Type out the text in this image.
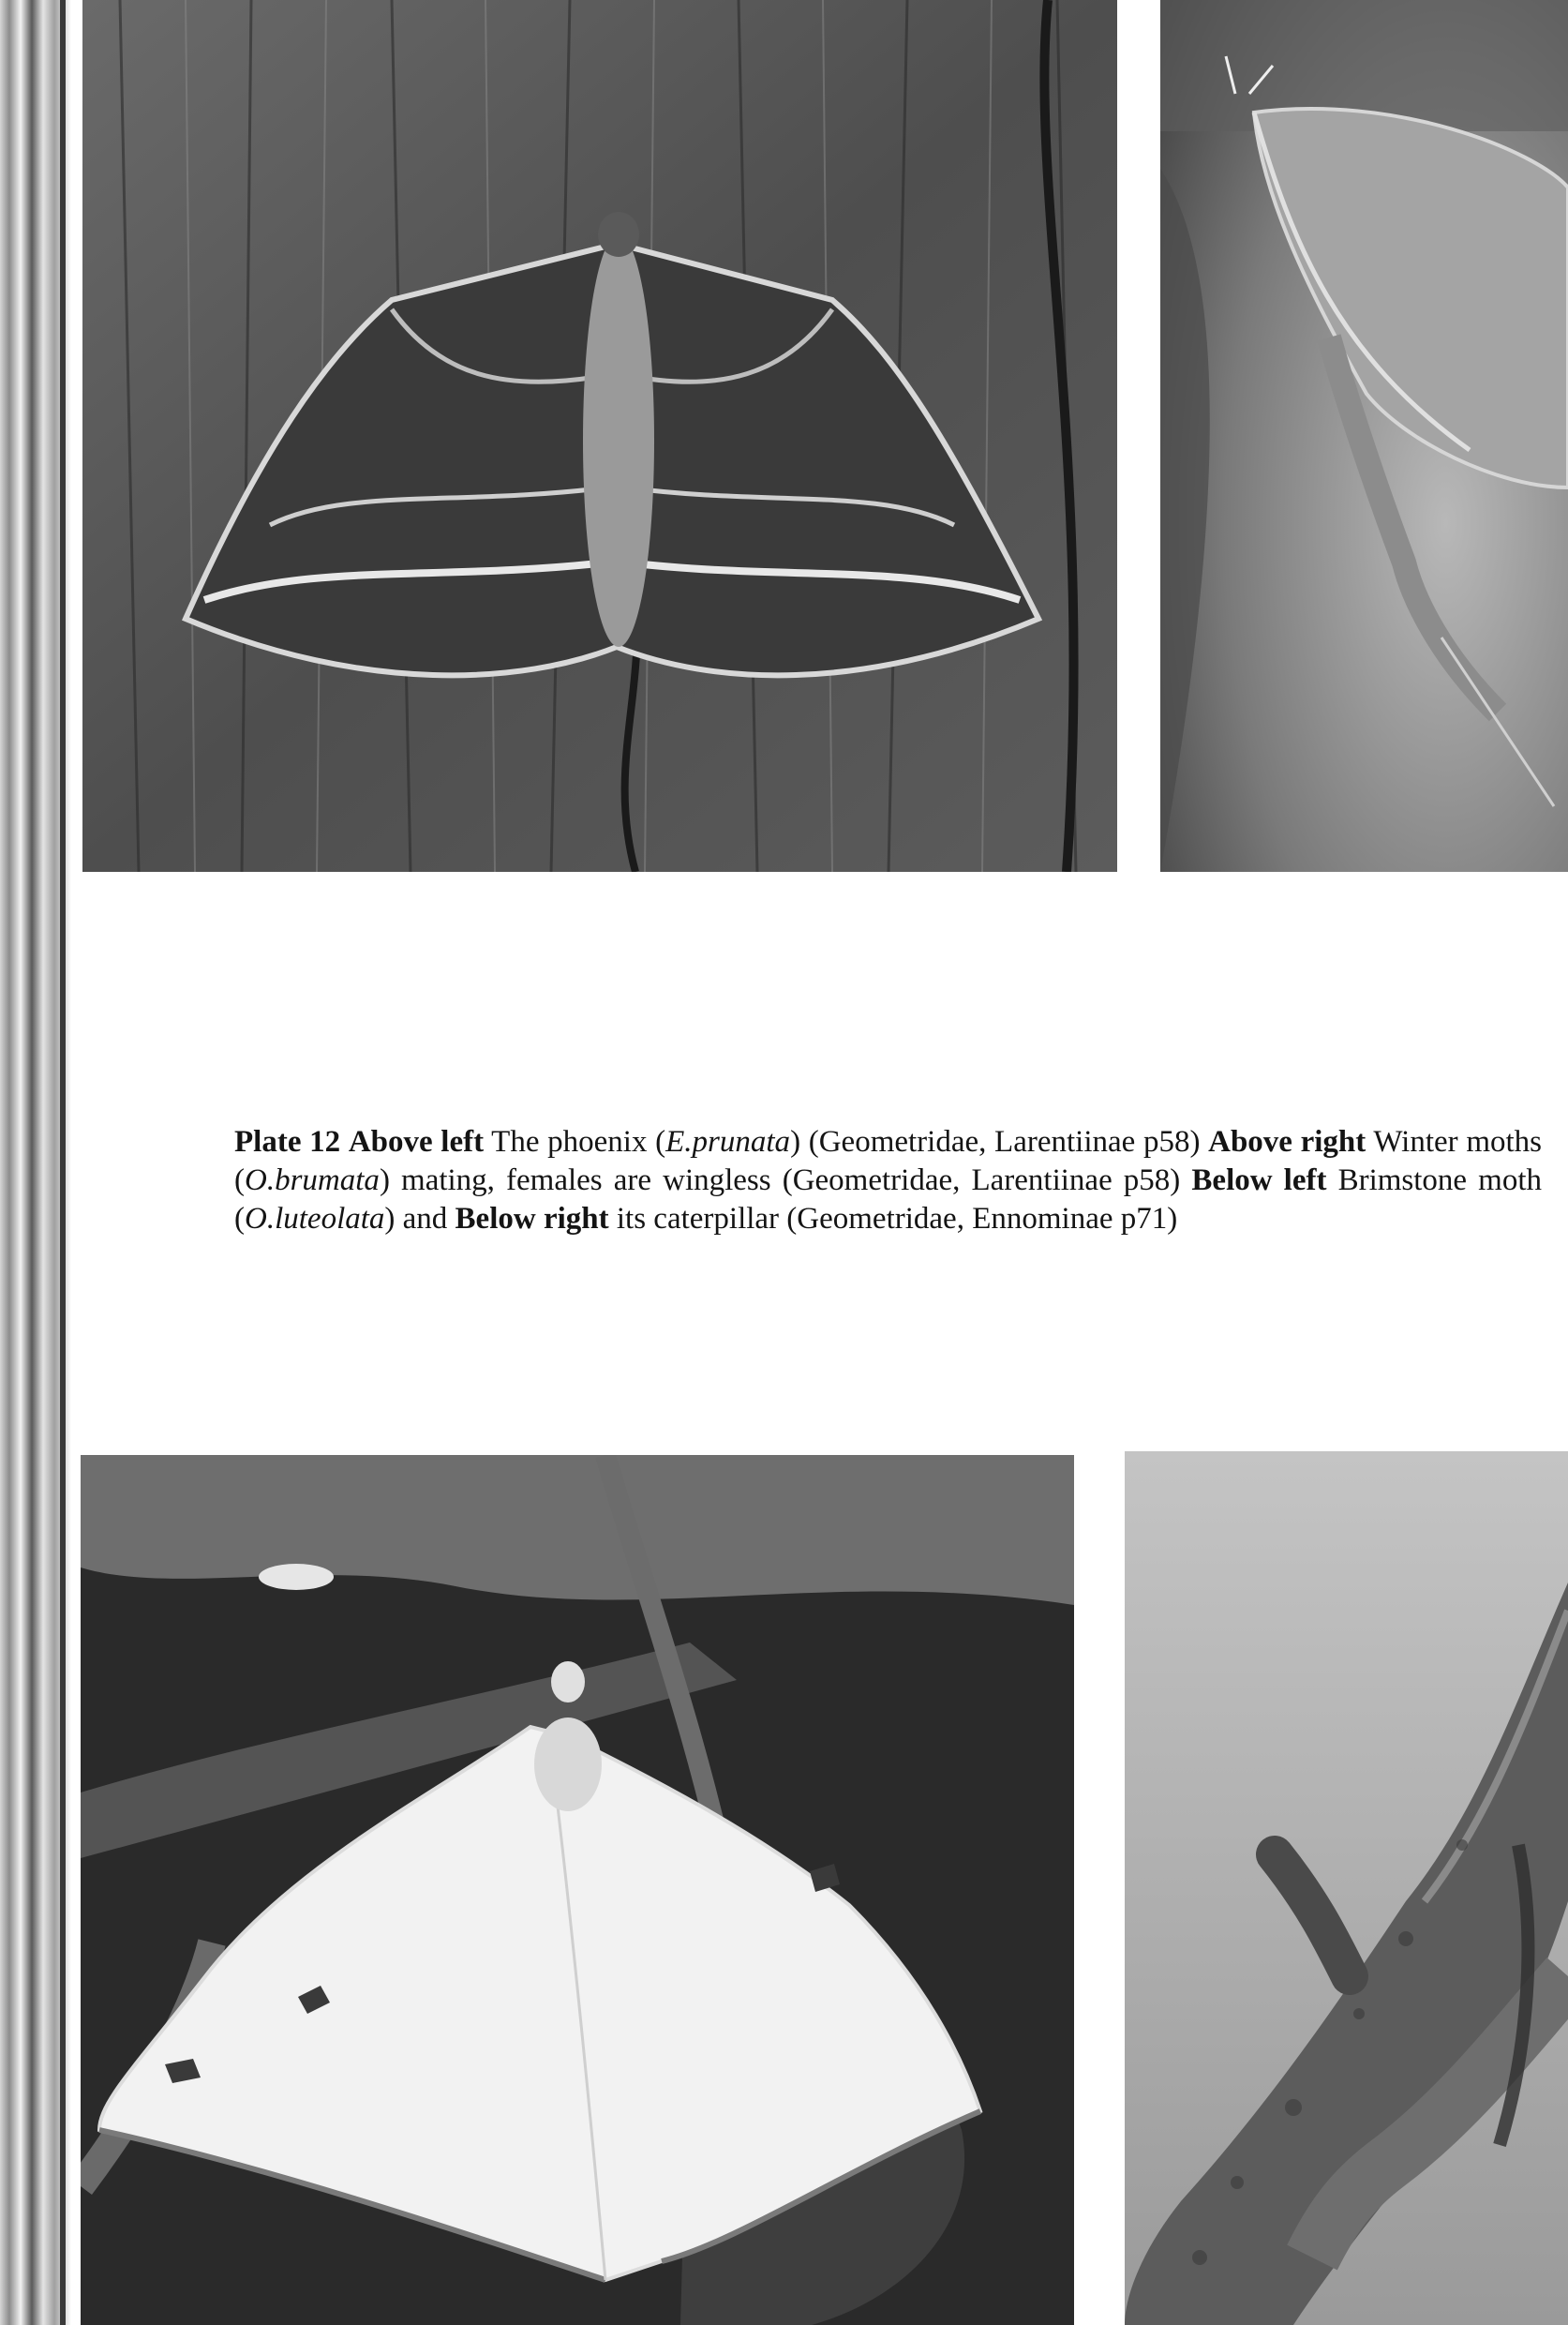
Plate 12 Above left The phoenix (E.prunata) (Geometridae, Larentiinae p58) Above right Winter moths (O.brumata) mating, females are wingless (Geometridae, Larentiinae p58) Below left Brimstone moth (O.luteolata) and Below right its caterpillar (Geometridae, Ennominae p71)
